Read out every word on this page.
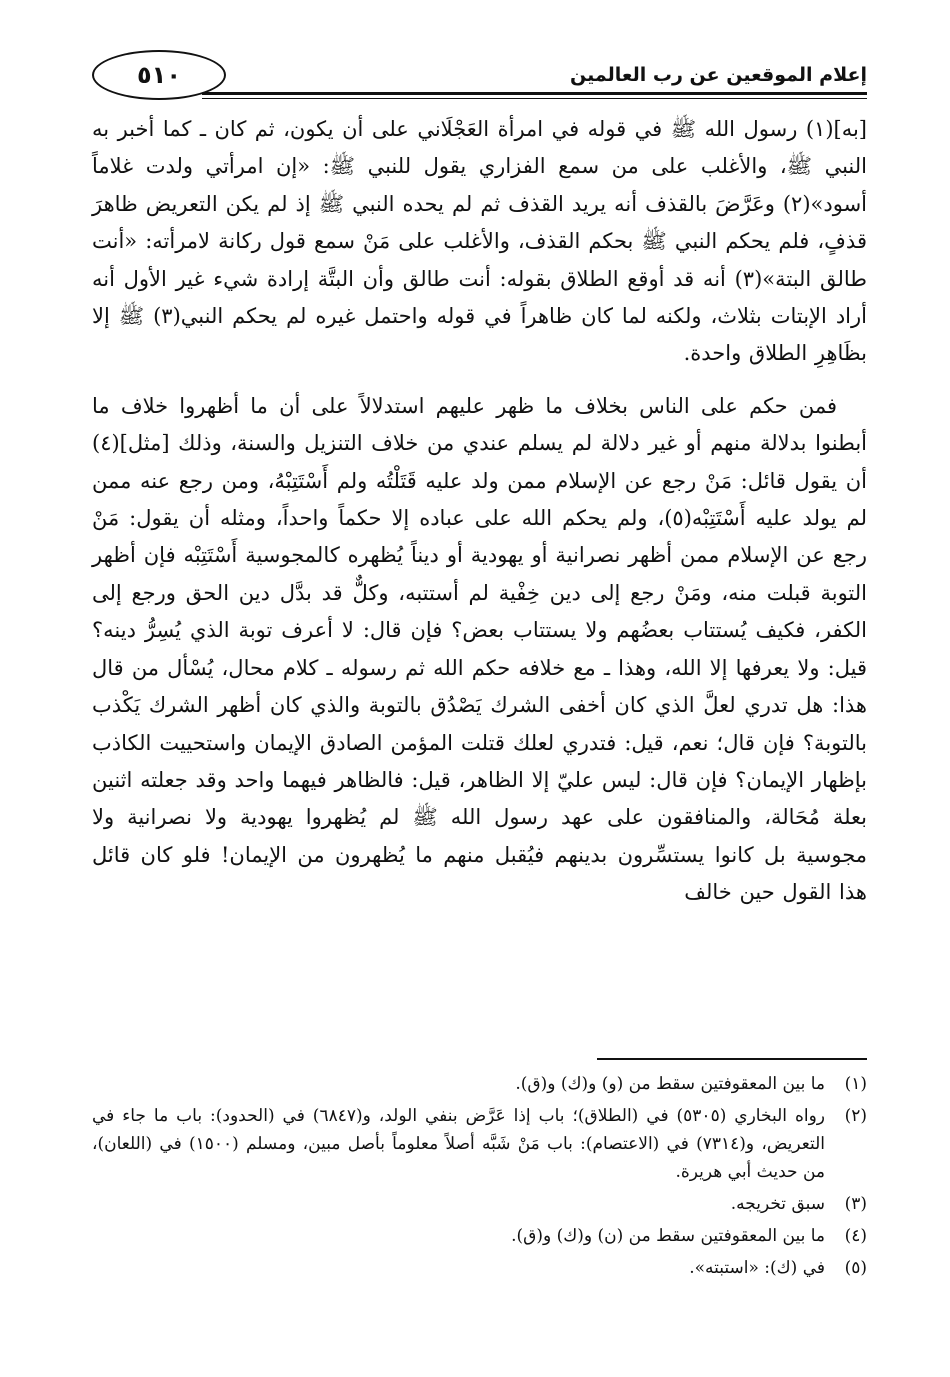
إعلام الموقعين عن رب العالمين
٥١٠

[به](١) رسول الله ﷺ في قوله في امرأة العَجْلَاني على أن يكون، ثم كان ـ كما أخبر به النبي ﷺ، والأغلب على من سمع الفزاري يقول للنبي ﷺ: «إن امرأتي ولدت غلاماً أسود»(٢) وعَرَّضَ بالقذف أنه يريد القذف ثم لم يحده النبي ﷺ إذ لم يكن التعريض ظاهرَ قذفٍ، فلم يحكم النبي ﷺ بحكم القذف، والأغلب على مَنْ سمع قول ركانة لامرأته: «أنت طالق البتة»(٣) أنه قد أوقع الطلاق بقوله: أنت طالق وأن البتَّة إرادة شيء غير الأول أنه أراد الإبتات بثلاث، ولكنه لما كان ظاهراً في قوله واحتمل غيره لم يحكم النبي(٣) ﷺ إلا بظَاهِرِ الطلاق واحدة.

فمن حكم على الناس بخلاف ما ظهر عليهم استدلالاً على أن ما أظهروا خلاف ما أبطنوا بدلالة منهم أو غير دلالة لم يسلم عندي من خلاف التنزيل والسنة، وذلك [مثل](٤) أن يقول قائل: مَنْ رجع عن الإسلام ممن ولد عليه قَتَلْتُه ولم أَسْتَتِبْهُ، ومن رجع عنه ممن لم يولد عليه أَسْتَتِبْه(٥)، ولم يحكم الله على عباده إلا حكماً واحداً، ومثله أن يقول: مَنْ رجع عن الإسلام ممن أظهر نصرانية أو يهودية أو ديناً يُظهره كالمجوسية أَسْتَتِبْه فإن أظهر التوبة قبلت منه، ومَنْ رجع إلى دين خِفْية لم أستتبه، وكلٌّ قد بدَّل دين الحق ورجع إلى الكفر، فكيف يُستتاب بعضُهم ولا يستتاب بعض؟ فإن قال: لا أعرف توبة الذي يُسِرُّ دينه؟ قيل: ولا يعرفها إلا الله، وهذا ـ مع خلافه حكم الله ثم رسوله ـ كلام محال، يُسْأل من قال هذا: هل تدري لعلَّ الذي كان أخفى الشرك يَصْدُق بالتوبة والذي كان أظهر الشرك يَكْذب بالتوبة؟ فإن قال؛ نعم، قيل: فتدري لعلك قتلت المؤمن الصادق الإيمان واستحييت الكاذب بإظهار الإيمان؟ فإن قال: ليس عليّ إلا الظاهر، قيل: فالظاهر فيهما واحد وقد جعلته اثنين بعلة مُحَالة، والمنافقون على عهد رسول الله ﷺ لم يُظهروا يهودية ولا نصرانية ولا مجوسية بل كانوا يستسِّرون بدينهم فيُقبل منهم ما يُظهرون من الإيمان! فلو كان قائل هذا القول حين خالف

(١)
ما بين المعقوفتين سقط من (و) و(ك) و(ق).
(٢)
رواه البخاري (٥٣٠٥) في (الطلاق)؛ باب إذا عَرَّض بنفي الولد، و(٦٨٤٧) في (الحدود): باب ما جاء في التعريض، و(٧٣١٤) في (الاعتصام): باب مَنْ شَبَّه أصلاً معلوماً بأصل مبين، ومسلم (١٥٠٠) في (اللعان)، من حديث أبي هريرة.
(٣)
سبق تخريجه.
(٤)
ما بين المعقوفتين سقط من (ن) و(ك) و(ق).
(٥)
في (ك): «استبته».
